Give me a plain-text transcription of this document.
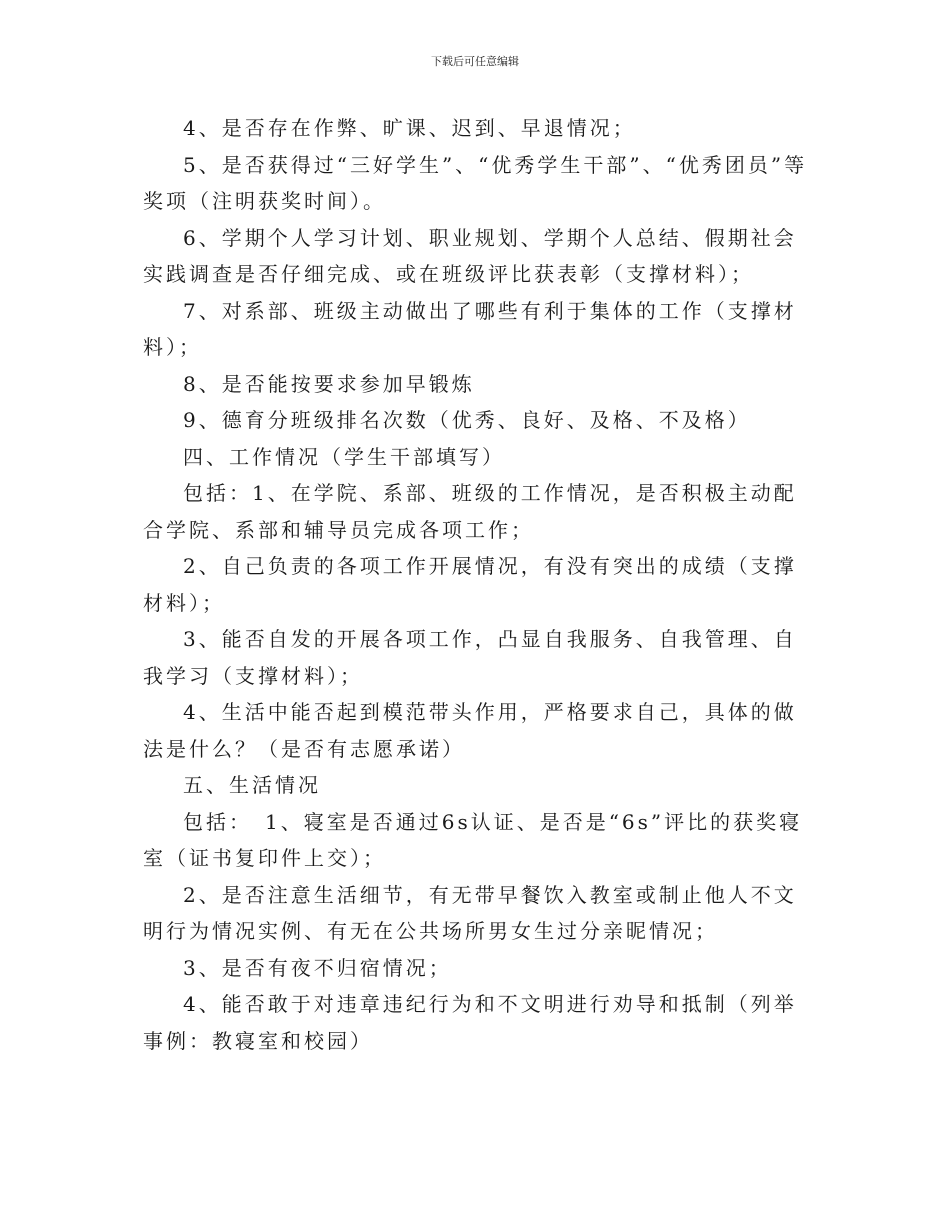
下载后可任意编辑

4、是否存在作弊、旷课、迟到、早退情况；

5、是否获得过“三好学生”、“优秀学生干部”、“优秀团员”等奖项（注明获奖时间）。

6、学期个人学习计划、职业规划、学期个人总结、假期社会实践调查是否仔细完成、或在班级评比获表彰（支撑材料）；

7、对系部、班级主动做出了哪些有利于集体的工作（支撑材料）；

8、是否能按要求参加早锻炼

9、德育分班级排名次数（优秀、良好、及格、不及格）

四、工作情况（学生干部填写）

包括：1、在学院、系部、班级的工作情况，是否积极主动配合学院、系部和辅导员完成各项工作；

2、自己负责的各项工作开展情况，有没有突出的成绩（支撑材料）；

3、能否自发的开展各项工作，凸显自我服务、自我管理、自我学习（支撑材料）；

4、生活中能否起到模范带头作用，严格要求自己，具体的做法是什么？（是否有志愿承诺）

五、生活情况

包括：　1、寝室是否通过6s认证、是否是“6s”评比的获奖寝室（证书复印件上交）；

2、是否注意生活细节，有无带早餐饮入教室或制止他人不文明行为情况实例、有无在公共场所男女生过分亲昵情况；

3、是否有夜不归宿情况；

4、能否敢于对违章违纪行为和不文明进行劝导和抵制（列举事例：教寝室和校园）
